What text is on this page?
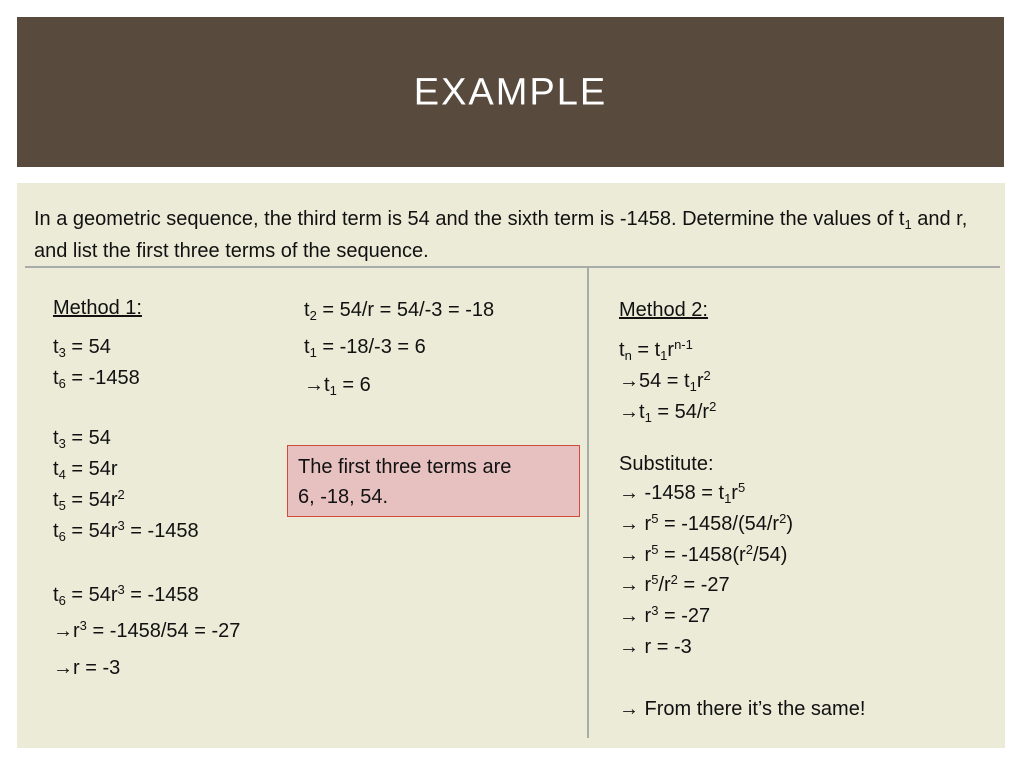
EXAMPLE
In a geometric sequence, the third term is 54 and the sixth term is -1458. Determine the values of $t_1$ and r, and list the first three terms of the sequence.
Method 1:
$t_3 = 54$
$t_6 = -1458$
$t_3 = 54$
$t_4 = 54r$
$t_5 = 54r^2$
$t_6 = 54r^3 = -1458$
$t_6 = 54r^3 = -1458$
$\to r^3 = -1458/54 = -27$
→r = -3
$t_2 = 54/r = 54/-3 = -18$
$t_1 = -18/-3 = 6$
$\to t_1 = 6$
The first three terms are
6, -18, 54.
Method 2:
$t_n = t_1r^{n-1}$
$\to 54 = t_1r^2$
$\to t_1 = 54/r^2$
Substitute:
→ $-1458 = t_1r^5$
→ $r^5 = -1458/(54/r^2)$
→ $r^5 = -1458(r^2/54)$
→ $r^5/r^2 = -27$
→ $r^3 = -27$
→ r = -3
→ From there it’s the same!
